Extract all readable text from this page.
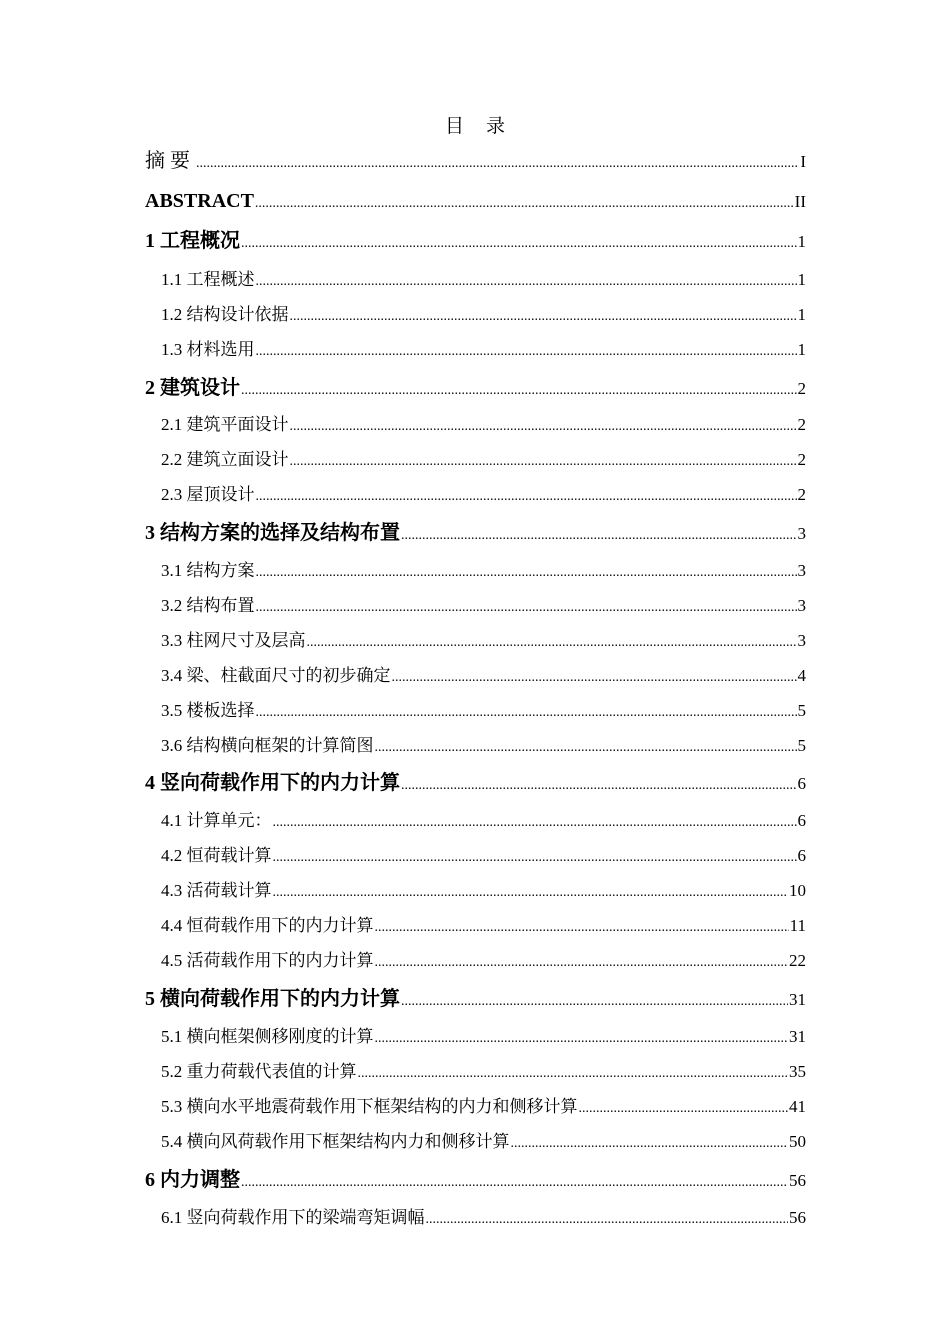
目录
摘要 .....	I
ABSTRACT .....	II
1 工程概况 .....	1
1.1 工程概述 .....	1
1.2 结构设计依据 .....	1
1.3 材料选用 .....	1
2 建筑设计 .....	2
2.1 建筑平面设计 .....	2
2.2 建筑立面设计 .....	2
2.3 屋顶设计 .....	2
3 结构方案的选择及结构布置 .....	3
3.1 结构方案 .....	3
3.2 结构布置 .....	3
3.3 柱网尺寸及层高 .....	3
3.4 梁、柱截面尺寸的初步确定 .....	4
3.5 楼板选择 .....	5
3.6 结构横向框架的计算简图 .....	5
4 竖向荷载作用下的内力计算 .....	6
4.1 计算单元： .....	6
4.2 恒荷载计算 .....	6
4.3 活荷载计算 .....	10
4.4 恒荷载作用下的内力计算 .....	11
4.5 活荷载作用下的内力计算 .....	22
5 横向荷载作用下的内力计算 .....	31
5.1 横向框架侧移刚度的计算 .....	31
5.2 重力荷载代表值的计算 .....	35
5.3 横向水平地震荷载作用下框架结构的内力和侧移计算 .....	41
5.4 横向风荷载作用下框架结构内力和侧移计算 .....	50
6 内力调整 .....	56
6.1 竖向荷载作用下的梁端弯矩调幅 .....	56
